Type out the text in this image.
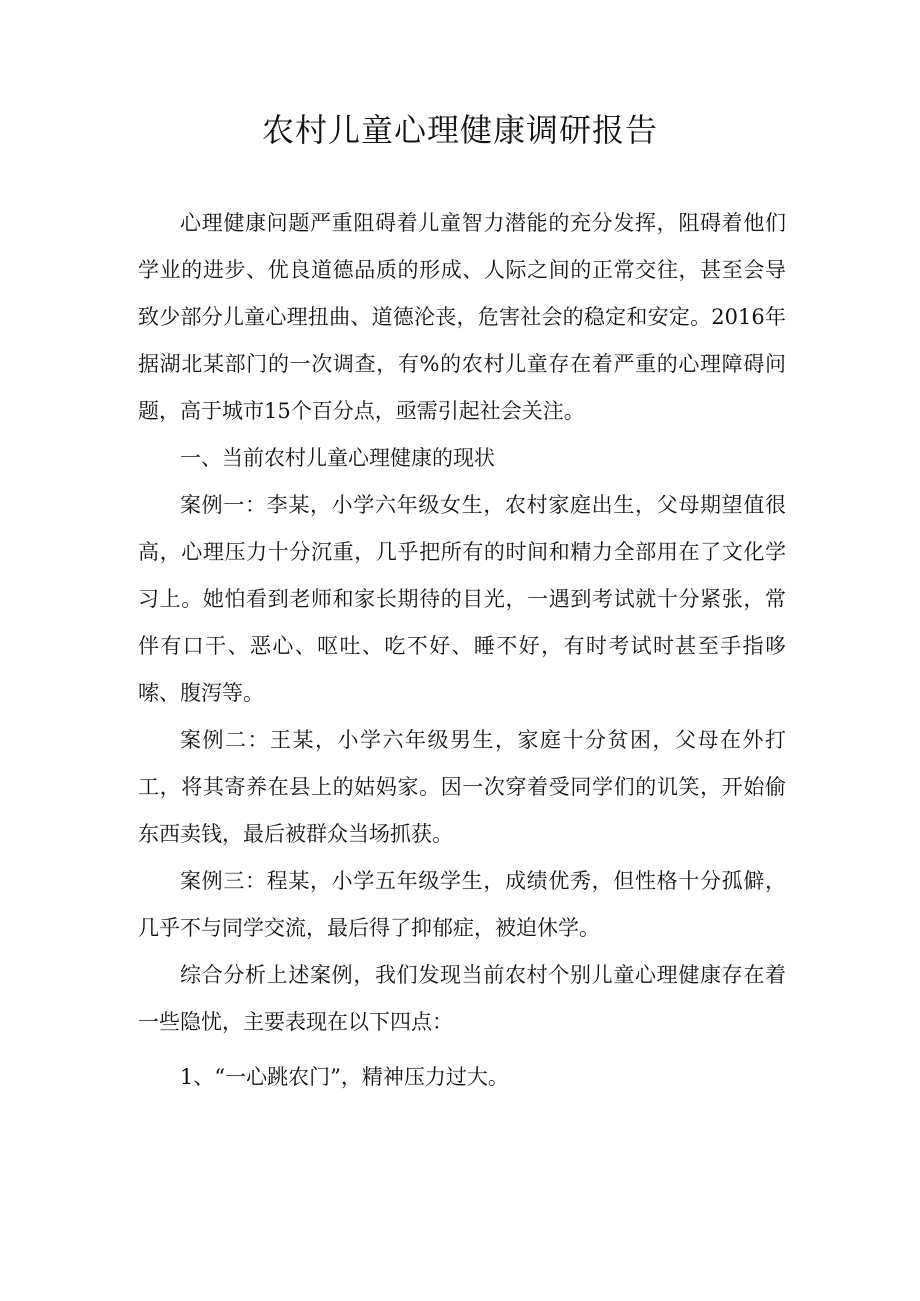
农村儿童心理健康调研报告

心理健康问题严重阻碍着儿童智力潜能的充分发挥，阻碍着他们学业的进步、优良道德品质的形成、人际之间的正常交往，甚至会导致少部分儿童心理扭曲、道德沦丧，危害社会的稳定和安定。2016年据湖北某部门的一次调查，有%的农村儿童存在着严重的心理障碍问题，高于城市15个百分点，亟需引起社会关注。

一、当前农村儿童心理健康的现状

案例一：李某，小学六年级女生，农村家庭出生，父母期望值很高，心理压力十分沉重，几乎把所有的时间和精力全部用在了文化学习上。她怕看到老师和家长期待的目光，一遇到考试就十分紧张，常伴有口干、恶心、呕吐、吃不好、睡不好，有时考试时甚至手指哆嗦、腹泻等。

案例二：王某，小学六年级男生，家庭十分贫困，父母在外打工，将其寄养在县上的姑妈家。因一次穿着受同学们的讥笑，开始偷东西卖钱，最后被群众当场抓获。

案例三：程某，小学五年级学生，成绩优秀，但性格十分孤僻，几乎不与同学交流，最后得了抑郁症，被迫休学。

综合分析上述案例，我们发现当前农村个别儿童心理健康存在着一些隐忧，主要表现在以下四点：

1、“一心跳农门”，精神压力过大。
